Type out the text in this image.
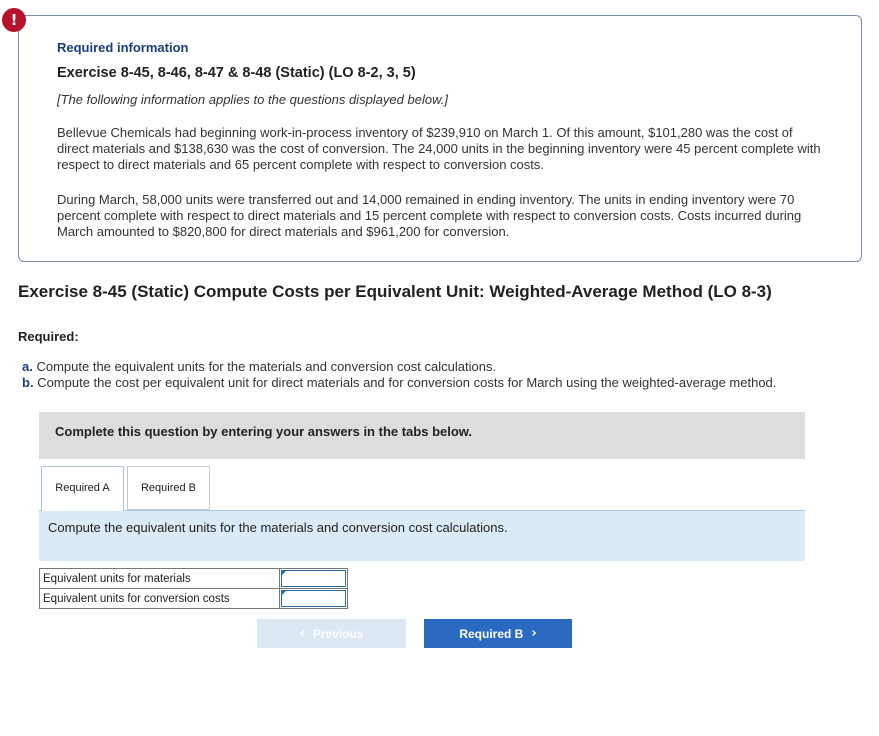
!
Required information
Exercise 8-45, 8-46, 8-47 & 8-48 (Static) (LO 8-2, 3, 5)
[The following information applies to the questions displayed below.]
Bellevue Chemicals had beginning work-in-process inventory of $239,910 on March 1. Of this amount, $101,280 was the cost of direct materials and $138,630 was the cost of conversion. The 24,000 units in the beginning inventory were 45 percent complete with respect to direct materials and 65 percent complete with respect to conversion costs.
During March, 58,000 units were transferred out and 14,000 remained in ending inventory. The units in ending inventory were 70 percent complete with respect to direct materials and 15 percent complete with respect to conversion costs. Costs incurred during March amounted to $820,800 for direct materials and $961,200 for conversion.
Exercise 8-45 (Static) Compute Costs per Equivalent Unit: Weighted-Average Method (LO 8-3)
Required:
a. Compute the equivalent units for the materials and conversion cost calculations.
b. Compute the cost per equivalent unit for direct materials and for conversion costs for March using the weighted-average method.
Complete this question by entering your answers in the tabs below.
Required A	Required B
Compute the equivalent units for the materials and conversion cost calculations.
Equivalent units for materials	

Equivalent units for conversion costs	
‹ Previous	Required B ›
